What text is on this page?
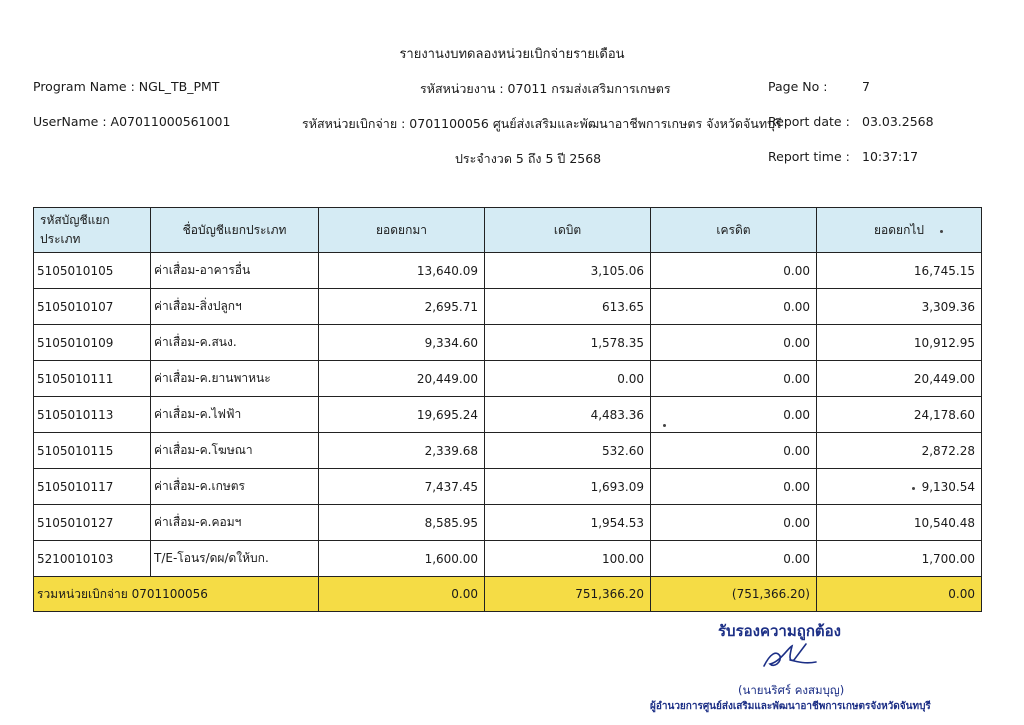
รายงานงบทดลองหน่วยเบิกจ่ายรายเดือน
Program Name : NGL_TB_PMT	รหัสหน่วยงาน : 07011 กรมส่งเสริมการเกษตร	Page No :	7
UserName : A07011000561001	รหัสหน่วยเบิกจ่าย : 0701100056 ศูนย์ส่งเสริมและพัฒนาอาชีพการเกษตร จังหวัดจันทบุรี
Report date : 03.03.2568
ประจำงวด 5 ถึง 5 ปี 2568	Report time : 10:37:17
รหัสบัญชีแยกประเภท	ชื่อบัญชีแยกประเภท	ยอดยกมา	เดบิต	เครดิต	ยอดยกไป
5105010105	ค่าเสื่อม-อาคารอื่น	13,640.09	3,105.06	0.00	16,745.15
5105010107	ค่าเสื่อม-สิ่งปลูกฯ	2,695.71	613.65	0.00	3,309.36
5105010109	ค่าเสื่อม-ค.สนง.	9,334.60	1,578.35	0.00	10,912.95
5105010111	ค่าเสื่อม-ค.ยานพาหนะ	20,449.00	0.00	0.00	20,449.00
5105010113	ค่าเสื่อม-ค.ไฟฟ้า	19,695.24	4,483.36	0.00	24,178.60
5105010115	ค่าเสื่อม-ค.โฆษณา	2,339.68	532.60	0.00	2,872.28
5105010117	ค่าเสื่อม-ค.เกษตร	7,437.45	1,693.09	0.00	9,130.54
5105010127	ค่าเสื่อม-ค.คอมฯ	8,585.95	1,954.53	0.00	10,540.48
5210010103	T/E-โอนร/ดผ/ดให้บก.	1,600.00	100.00	0.00	1,700.00
รวมหน่วยเบิกจ่าย 0701100056		0.00	751,366.20	(751,366.20)	0.00
รับรองความถูกต้อง
(นายนริศร์ คงสมบุญ)
ผู้อำนวยการศูนย์ส่งเสริมและพัฒนาอาชีพการเกษตรจังหวัดจันทบุรี
